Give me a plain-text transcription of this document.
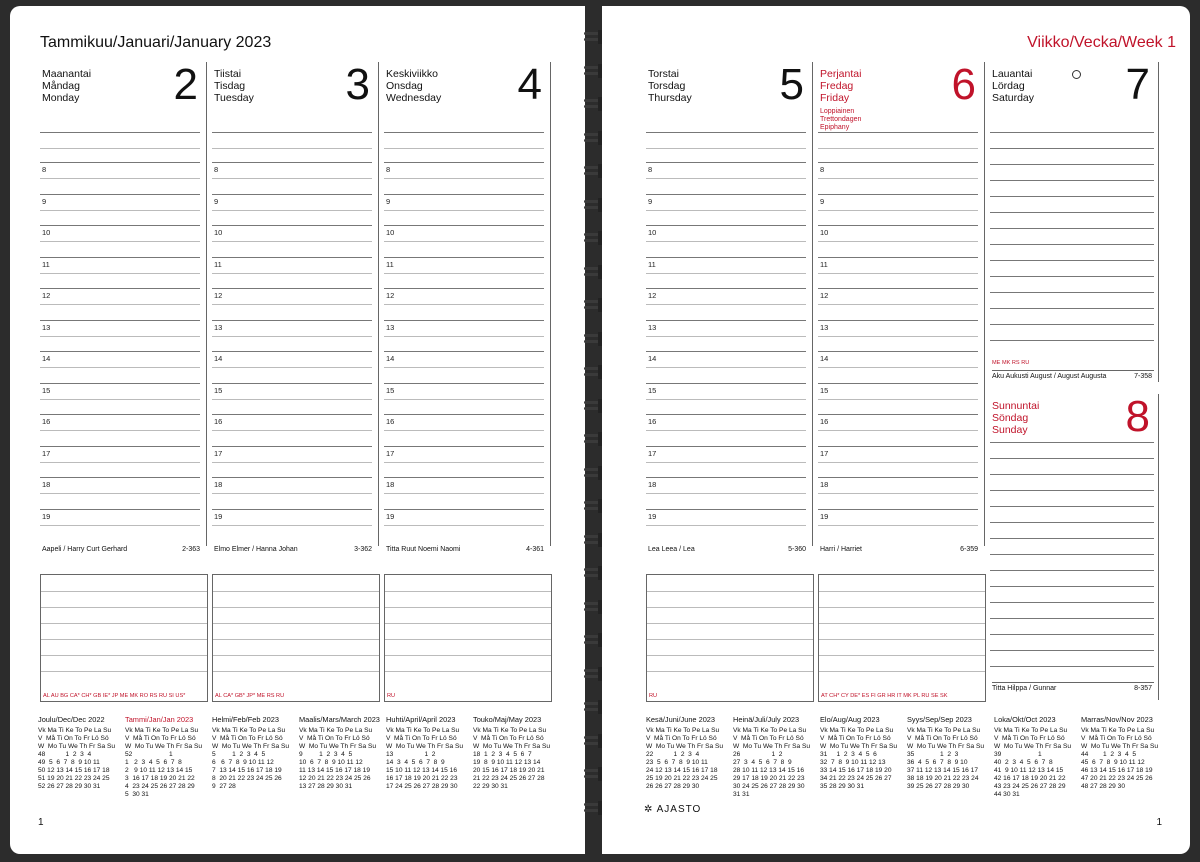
Tammikuu/Januari/January 2023
Maanantai
Måndag
Monday 2
8
9
10
11
12
13
14
15
16
17
18
19
Tiistai
Tisdag
Tuesday 3
8
9
10
11
12
13
14
15
16
17
18
19
Keskiviikko
Onsdag
Wednesday 4
8
9
10
11
12
13
14
15
16
17
18
19
Aapeli / Harry Curt Gerhard	2-363 Elmo Elmer / Hanna Johan	3-362 Titta Ruut Noemi Naomi	4-361
AL AU BG CA* CH* GB IE* JP ME MK RO RS RU SI US*	AL CA* GB* JP* ME RS RU	RU
Joulu/Dec/Dec 2022
Vk Ma Ti Ke To Pe La Su
V  Må Ti On To Fr Lö Sö
W  Mo Tu We Th Fr Sa Su
48           1  2  3  4
49  5  6  7  8  9 10 11
50 12 13 14 15 16 17 18
51 19 20 21 22 23 24 25
52 26 27 28 29 30 31
Tammi/Jan/Jan 2023
Vk Ma Ti Ke To Pe La Su
V  Må Ti On To Fr Lö Sö
W  Mo Tu We Th Fr Sa Su
52                    1
1   2  3  4  5  6  7  8
2   9 10 11 12 13 14 15
3  16 17 18 19 20 21 22
4  23 24 25 26 27 28 29
5  30 31
Helmi/Feb/Feb 2023
Vk Ma Ti Ke To Pe La Su
V  Må Ti On To Fr Lö Sö
W  Mo Tu We Th Fr Sa Su
5         1  2  3  4  5
6   6  7  8  9 10 11 12
7  13 14 15 16 17 18 19
8  20 21 22 23 24 25 26
9  27 28
Maalis/Mars/March 2023
Vk Ma Ti Ke To Pe La Su
V  Må Ti On To Fr Lö Sö
W  Mo Tu We Th Fr Sa Su
9         1  2  3  4  5
10  6  7  8  9 10 11 12
11 13 14 15 16 17 18 19
12 20 21 22 23 24 25 26
13 27 28 29 30 31
Huhti/April/April 2023
Vk Ma Ti Ke To Pe La Su
V  Må Ti On To Fr Lö Sö
W  Mo Tu We Th Fr Sa Su
13                 1  2
14  3  4  5  6  7  8  9
15 10 11 12 13 14 15 16
16 17 18 19 20 21 22 23
17 24 25 26 27 28 29 30
Touko/Maj/May 2023
Vk Ma Ti Ke To Pe La Su
V  Må Ti On To Fr Lö Sö
W  Mo Tu We Th Fr Sa Su
18  1  2  3  4  5  6  7
19  8  9 10 11 12 13 14
20 15 16 17 18 19 20 21
21 22 23 24 25 26 27 28
22 29 30 31
1
Viikko/Vecka/Week 1
Torstai
Torsdag
Thursday 5
8
9
10
11
12
13
14
15
16
17
18
19
Perjantai
Fredag
Friday
Loppiainen
Trettondagen
Epiphany
6
8
9
10
11
12
13
14
15
16
17
18
19
Lauantai
Lördag
Saturday 7
ME MK RS RU
Aku Aukusti August / August Augusta	7-358
Sunnuntai
Söndag
Sunday 8
Titta Hilppa / Gunnar	8-357
Lea Leea / Lea	5-360 Harri / Harriet	6-359
RU	AT CH* CY DE* ES FI GR HR IT MK PL RU SE SK
Kesä/Juni/June 2023
Vk Ma Ti Ke To Pe La Su
V  Må Ti On To Fr Lö Sö
W  Mo Tu We Th Fr Sa Su
22           1  2  3  4
23  5  6  7  8  9 10 11
24 12 13 14 15 16 17 18
25 19 20 21 22 23 24 25
26 26 27 28 29 30
Heinä/Juli/July 2023
Vk Ma Ti Ke To Pe La Su
V  Må Ti On To Fr Lö Sö
W  Mo Tu We Th Fr Sa Su
26                 1  2
27  3  4  5  6  7  8  9
28 10 11 12 13 14 15 16
29 17 18 19 20 21 22 23
30 24 25 26 27 28 29 30
31 31
Elo/Aug/Aug 2023
Vk Ma Ti Ke To Pe La Su
V  Må Ti On To Fr Lö Sö
W  Mo Tu We Th Fr Sa Su
31     1  2  3  4  5  6
32  7  8  9 10 11 12 13
33 14 15 16 17 18 19 20
34 21 22 23 24 25 26 27
35 28 29 30 31
Syys/Sep/Sep 2023
Vk Ma Ti Ke To Pe La Su
V  Må Ti On To Fr Lö Sö
W  Mo Tu We Th Fr Sa Su
35              1  2  3
36  4  5  6  7  8  9 10
37 11 12 13 14 15 16 17
38 18 19 20 21 22 23 24
39 25 26 27 28 29 30
Loka/Okt/Oct 2023
Vk Ma Ti Ke To Pe La Su
V  Må Ti On To Fr Lö Sö
W  Mo Tu We Th Fr Sa Su
39                    1
40  2  3  4  5  6  7  8
41  9 10 11 12 13 14 15
42 16 17 18 19 20 21 22
43 23 24 25 26 27 28 29
44 30 31
Marras/Nov/Nov 2023
Vk Ma Ti Ke To Pe La Su
V  Må Ti On To Fr Lö Sö
W  Mo Tu We Th Fr Sa Su
44        1  2  3  4  5
45  6  7  8  9 10 11 12
46 13 14 15 16 17 18 19
47 20 21 22 23 24 25 26
48 27 28 29 30
✲ AJASTO
1
